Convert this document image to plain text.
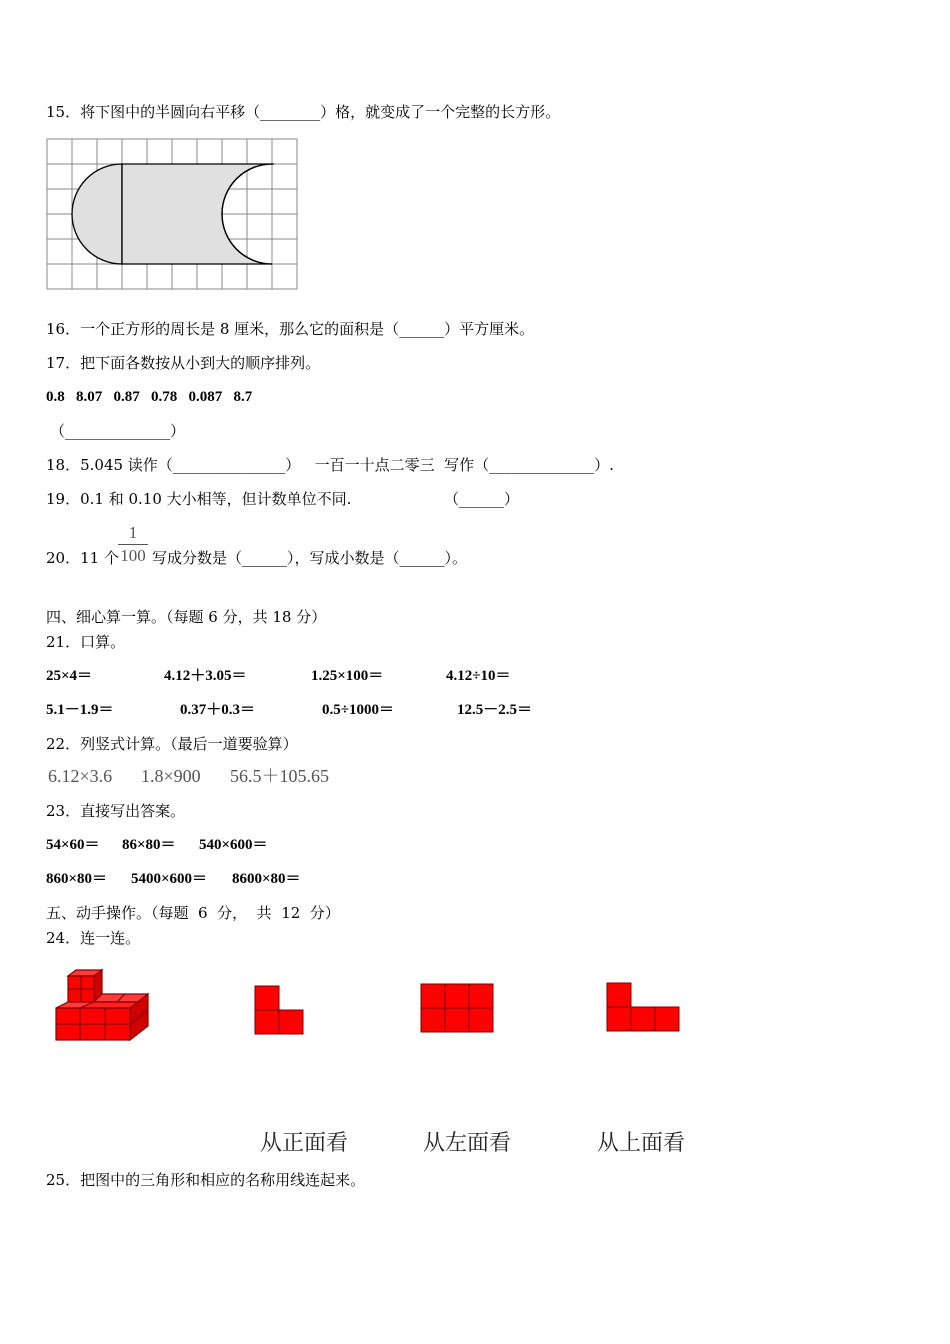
15．将下图中的半圆向右平移（________）格，就变成了一个完整的长方形。
16．一个正方形的周长是 8 厘米，那么它的面积是（______）平方厘米。
17．把下面各数按从小到大的顺序排列。
0.8   8.07   0.87   0.78   0.087   8.7
（______________）
18．5.045 读作（_______________）   一百一十点二零三  写作（______________）.
19．0.1 和 0.10 大小相等，但计数单位不同.	（______）
20．11 个
1
100 写成分数是（______），写成小数是（______）。
四、细心算一算。（每题 6 分，共 18 分）
21．口算。
25×4＝	4.12＋3.05＝	1.25×100＝	4.12÷10＝
5.1－1.9＝	0.37＋0.3＝	0.5÷1000＝	12.5－2.5＝
22．列竖式计算。（最后一道要验算）
6.12×3.6 1.8×900 56.5＋105.65
23．直接写出答案。
54×60＝ 86×80＝ 540×600＝
860×80＝ 5400×600＝ 8600×80＝
五、动手操作。（每题  6  分，  共  12  分）
24．连一连。
从正面看	从左面看	从上面看
25．把图中的三角形和相应的名称用线连起来。
